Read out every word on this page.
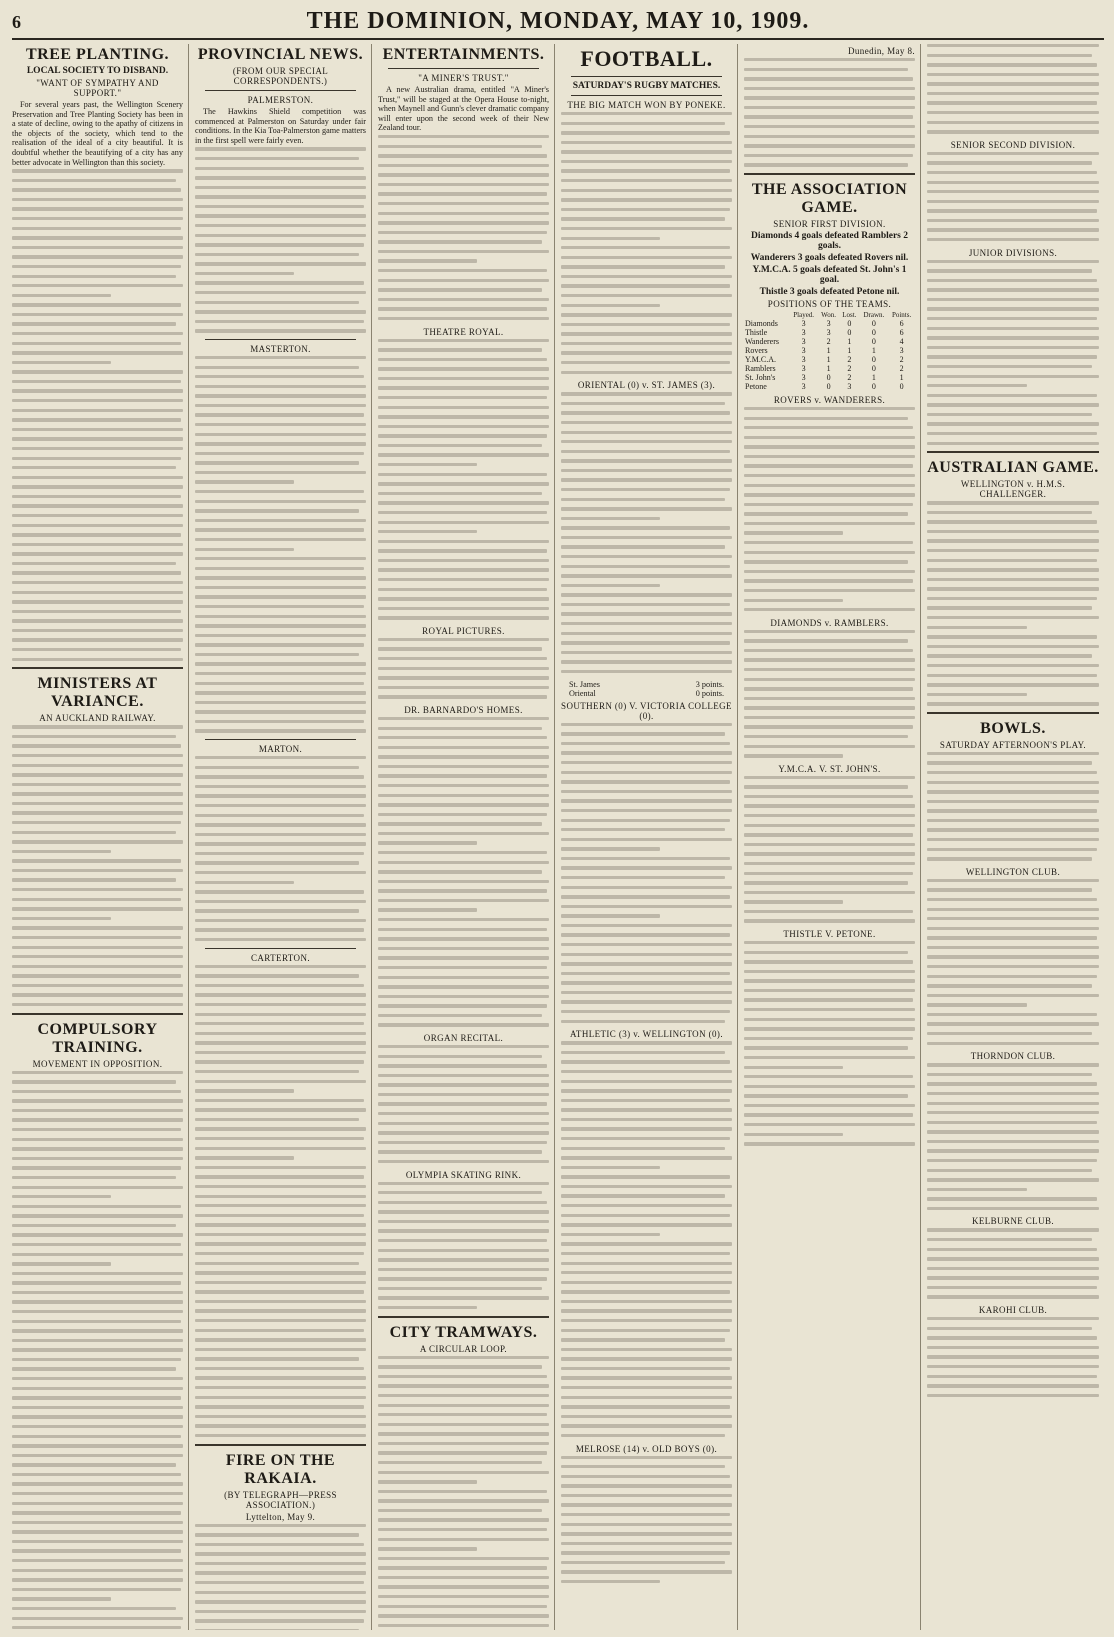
6	THE DOMINION, MONDAY, MAY 10, 1909.
TREE PLANTING.
LOCAL SOCIETY TO DISBAND.
"WANT OF SYMPATHY AND SUPPORT."

For several years past, the Wellington Scenery Preservation and Tree Planting Society has been in a state of decline, owing to the apathy of citizens in the objects of the society, which tend to the realisation of the ideal of a city beautiful. It is doubtful whether the beautifying of a city has any better advocate in Wellington than this society.

MINISTERS AT VARIANCE.
AN AUCKLAND RAILWAY.
COMPULSORY TRAINING.
MOVEMENT IN OPPOSITION.
PROVINCIAL NEWS.
(FROM OUR SPECIAL CORRESPONDENTS.)
PALMERSTON.

The Hawkins Shield competition was commenced at Palmerston on Saturday under fair conditions. In the Kia Toa-Palmerston game matters in the first spell were fairly even.

MASTERTON.
MARTON.
CARTERTON.
FIRE ON THE RAKAIA.
(BY TELEGRAPH—PRESS ASSOCIATION.)
Lyttelton, May 9.
ENTERTAINMENTS.
"A MINER'S TRUST."

A new Australian drama, entitled "A Miner's Trust," will be staged at the Opera House to-night, when Maynell and Gunn's clever dramatic company will enter upon the second week of their New Zealand tour.

THEATRE ROYAL.
ROYAL PICTURES.
DR. BARNARDO'S HOMES.
ORGAN RECITAL.
OLYMPIA SKATING RINK.
CITY TRAMWAYS.
A CIRCULAR LOOP.
FOOTBALL.
SATURDAY'S RUGBY MATCHES.
THE BIG MATCH WON BY PONEKE.
ORIENTAL (0) v. ST. JAMES (3).
St. James	3 points.
Oriental	0 points.
SOUTHERN (0) V. VICTORIA COLLEGE (0).
ATHLETIC (3) v. WELLINGTON (0).
MELROSE (14) v. OLD BOYS (0).
Dunedin, May 8.
THE ASSOCIATION GAME.
SENIOR FIRST DIVISION.
Diamonds 4 goals defeated Ramblers 2 goals.
Wanderers 3 goals defeated Rovers nil.
Y.M.C.A. 5 goals defeated St. John's 1 goal.
Thistle 3 goals defeated Petone nil.
POSITIONS OF THE TEAMS.
	Played.	Won.	Lost.	Drawn.	Points.
Diamonds	3	3	0	0	6
Thistle	3	3	0	0	6
Wanderers	3	2	1	0	4
Rovers	3	1	1	1	3
Y.M.C.A.	3	1	2	0	2
Ramblers	3	1	2	0	2
St. John's	3	0	2	1	1
Petone	3	0	3	0	0
ROVERS v. WANDERERS.
DIAMONDS v. RAMBLERS.
Y.M.C.A. V. ST. JOHN'S.
THISTLE V. PETONE.
SENIOR SECOND DIVISION.
JUNIOR DIVISIONS.
AUSTRALIAN GAME.
WELLINGTON v. H.M.S. CHALLENGER.
BOWLS.
SATURDAY AFTERNOON'S PLAY.
WELLINGTON CLUB.
THORNDON CLUB.
KELBURNE CLUB.
KAROHI CLUB.
